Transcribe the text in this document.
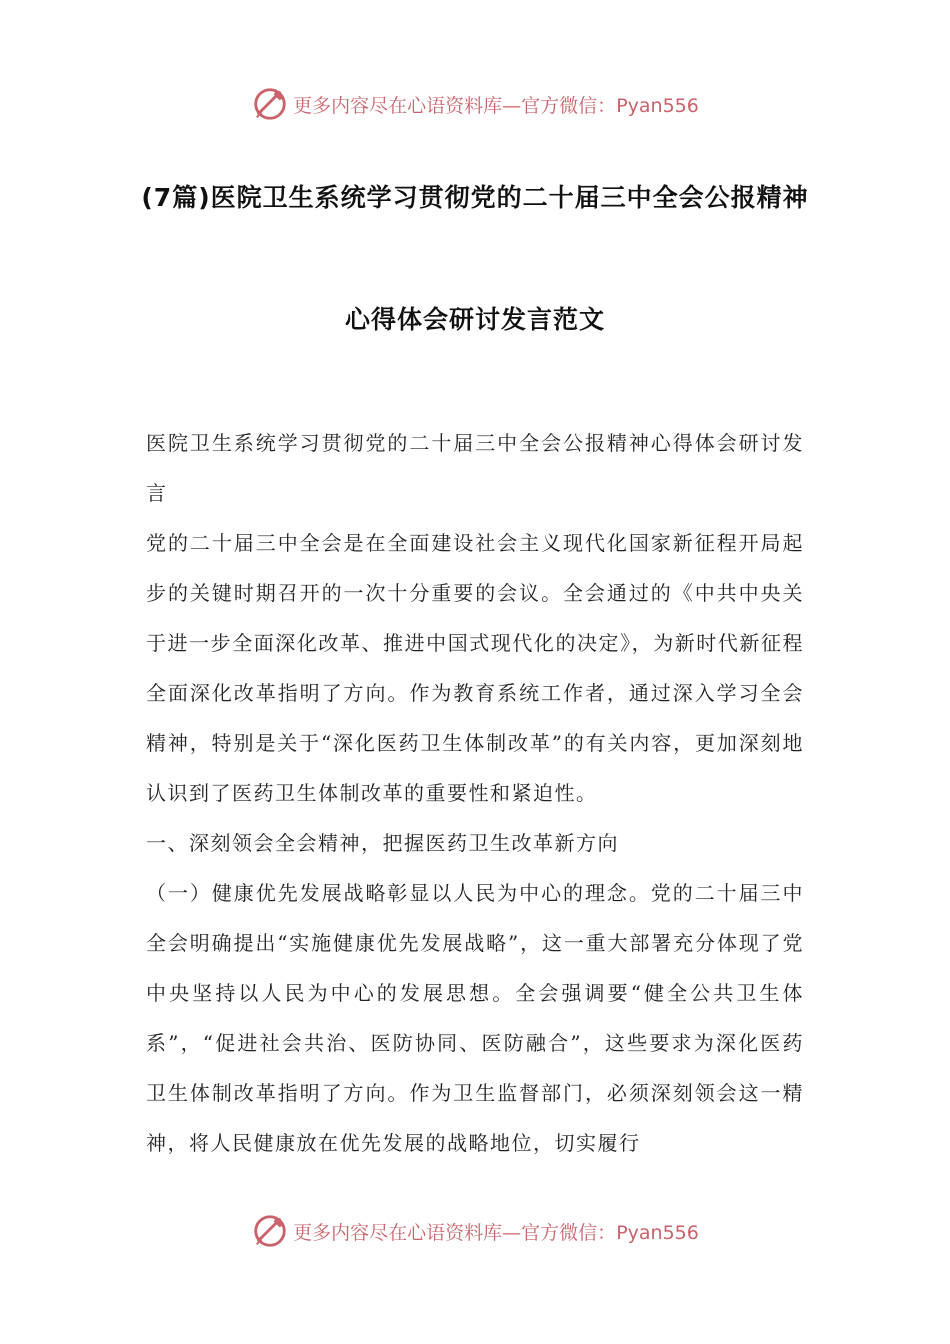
更多内容尽在心语资料库—官方微信：Pyan556
(7篇)医院卫生系统学习贯彻党的二十届三中全会公报精神
心得体会研讨发言范文

医院卫生系统学习贯彻党的二十届三中全会公报精神心得体会研讨发言

党的二十届三中全会是在全面建设社会主义现代化国家新征程开局起步的关键时期召开的一次十分重要的会议。全会通过的《中共中央关于进一步全面深化改革、推进中国式现代化的决定》，为新时代新征程全面深化改革指明了方向。作为教育系统工作者，通过深入学习全会精神，特别是关于“深化医药卫生体制改革”的有关内容，更加深刻地认识到了医药卫生体制改革的重要性和紧迫性。

一、深刻领会全会精神，把握医药卫生改革新方向

（一）健康优先发展战略彰显以人民为中心的理念。党的二十届三中全会明确提出“实施健康优先发展战略”，这一重大部署充分体现了党中央坚持以人民为中心的发展思想。全会强调要“健全公共卫生体系”，“促进社会共治、医防协同、医防融合”，这些要求为深化医药卫生体制改革指明了方向。作为卫生监督部门，必须深刻领会这一精神，将人民健康放在优先发展的战略地位，切实履行

更多内容尽在心语资料库—官方微信：Pyan556
